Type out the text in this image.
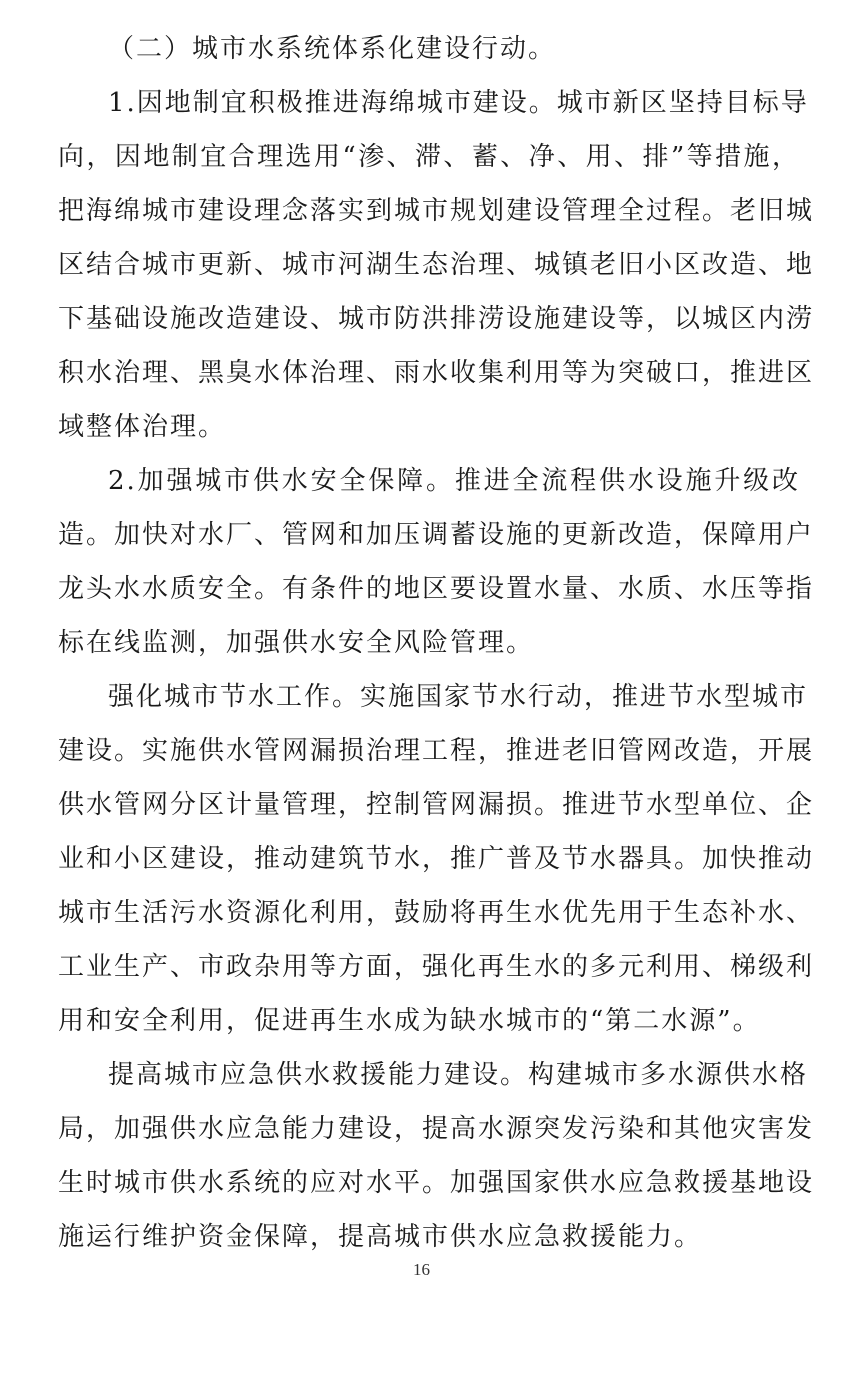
（二）城市水系统体系化建设行动。
1.因地制宜积极推进海绵城市建设。城市新区坚持目标导
向，因地制宜合理选用“渗、滞、蓄、净、用、排”等措施，
把海绵城市建设理念落实到城市规划建设管理全过程。老旧城
区结合城市更新、城市河湖生态治理、城镇老旧小区改造、地
下基础设施改造建设、城市防洪排涝设施建设等，以城区内涝
积水治理、黑臭水体治理、雨水收集利用等为突破口，推进区
域整体治理。
2.加强城市供水安全保障。推进全流程供水设施升级改
造。加快对水厂、管网和加压调蓄设施的更新改造，保障用户
龙头水水质安全。有条件的地区要设置水量、水质、水压等指
标在线监测，加强供水安全风险管理。
强化城市节水工作。实施国家节水行动，推进节水型城市
建设。实施供水管网漏损治理工程，推进老旧管网改造，开展
供水管网分区计量管理，控制管网漏损。推进节水型单位、企
业和小区建设，推动建筑节水，推广普及节水器具。加快推动
城市生活污水资源化利用，鼓励将再生水优先用于生态补水、
工业生产、市政杂用等方面，强化再生水的多元利用、梯级利
用和安全利用，促进再生水成为缺水城市的“第二水源”。
提高城市应急供水救援能力建设。构建城市多水源供水格
局，加强供水应急能力建设，提高水源突发污染和其他灾害发
生时城市供水系统的应对水平。加强国家供水应急救援基地设
施运行维护资金保障，提高城市供水应急救援能力。
16
